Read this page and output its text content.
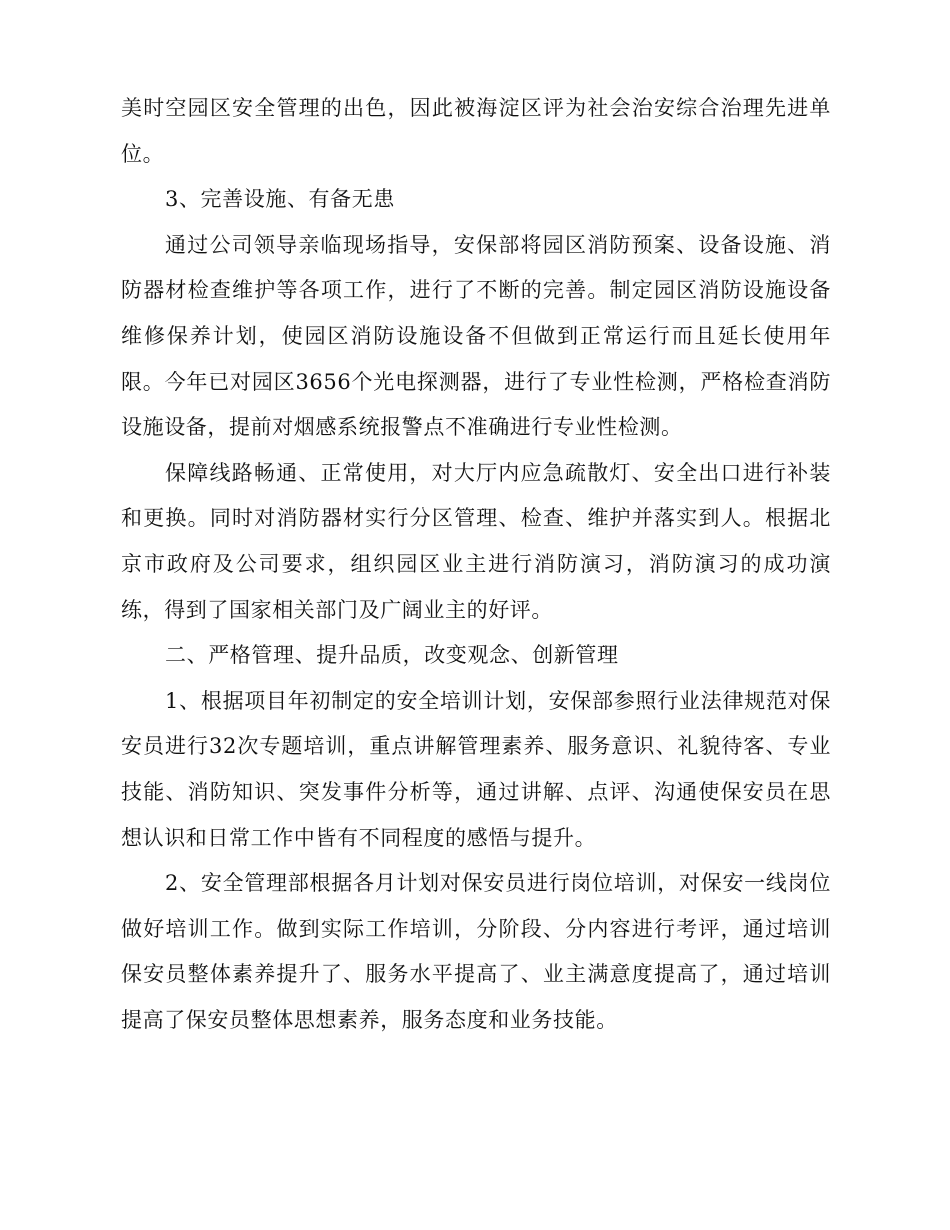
美时空园区安全管理的出色，因此被海淀区评为社会治安综合治理先进单位。

3、完善设施、有备无患

通过公司领导亲临现场指导，安保部将园区消防预案、设备设施、消防器材检查维护等各项工作，进行了不断的完善。制定园区消防设施设备维修保养计划，使园区消防设施设备不但做到正常运行而且延长使用年限。今年已对园区3656个光电探测器，进行了专业性检测，严格检查消防设施设备，提前对烟感系统报警点不准确进行专业性检测。

保障线路畅通、正常使用，对大厅内应急疏散灯、安全出口进行补装和更换。同时对消防器材实行分区管理、检查、维护并落实到人。根据北京市政府及公司要求，组织园区业主进行消防演习，消防演习的成功演练，得到了国家相关部门及广阔业主的好评。

二、严格管理、提升品质，改变观念、创新管理

1、根据项目年初制定的安全培训计划，安保部参照行业法律规范对保安员进行32次专题培训，重点讲解管理素养、服务意识、礼貌待客、专业技能、消防知识、突发事件分析等，通过讲解、点评、沟通使保安员在思想认识和日常工作中皆有不同程度的感悟与提升。

2、安全管理部根据各月计划对保安员进行岗位培训，对保安一线岗位做好培训工作。做到实际工作培训，分阶段、分内容进行考评，通过培训保安员整体素养提升了、服务水平提高了、业主满意度提高了，通过培训提高了保安员整体思想素养，服务态度和业务技能。
